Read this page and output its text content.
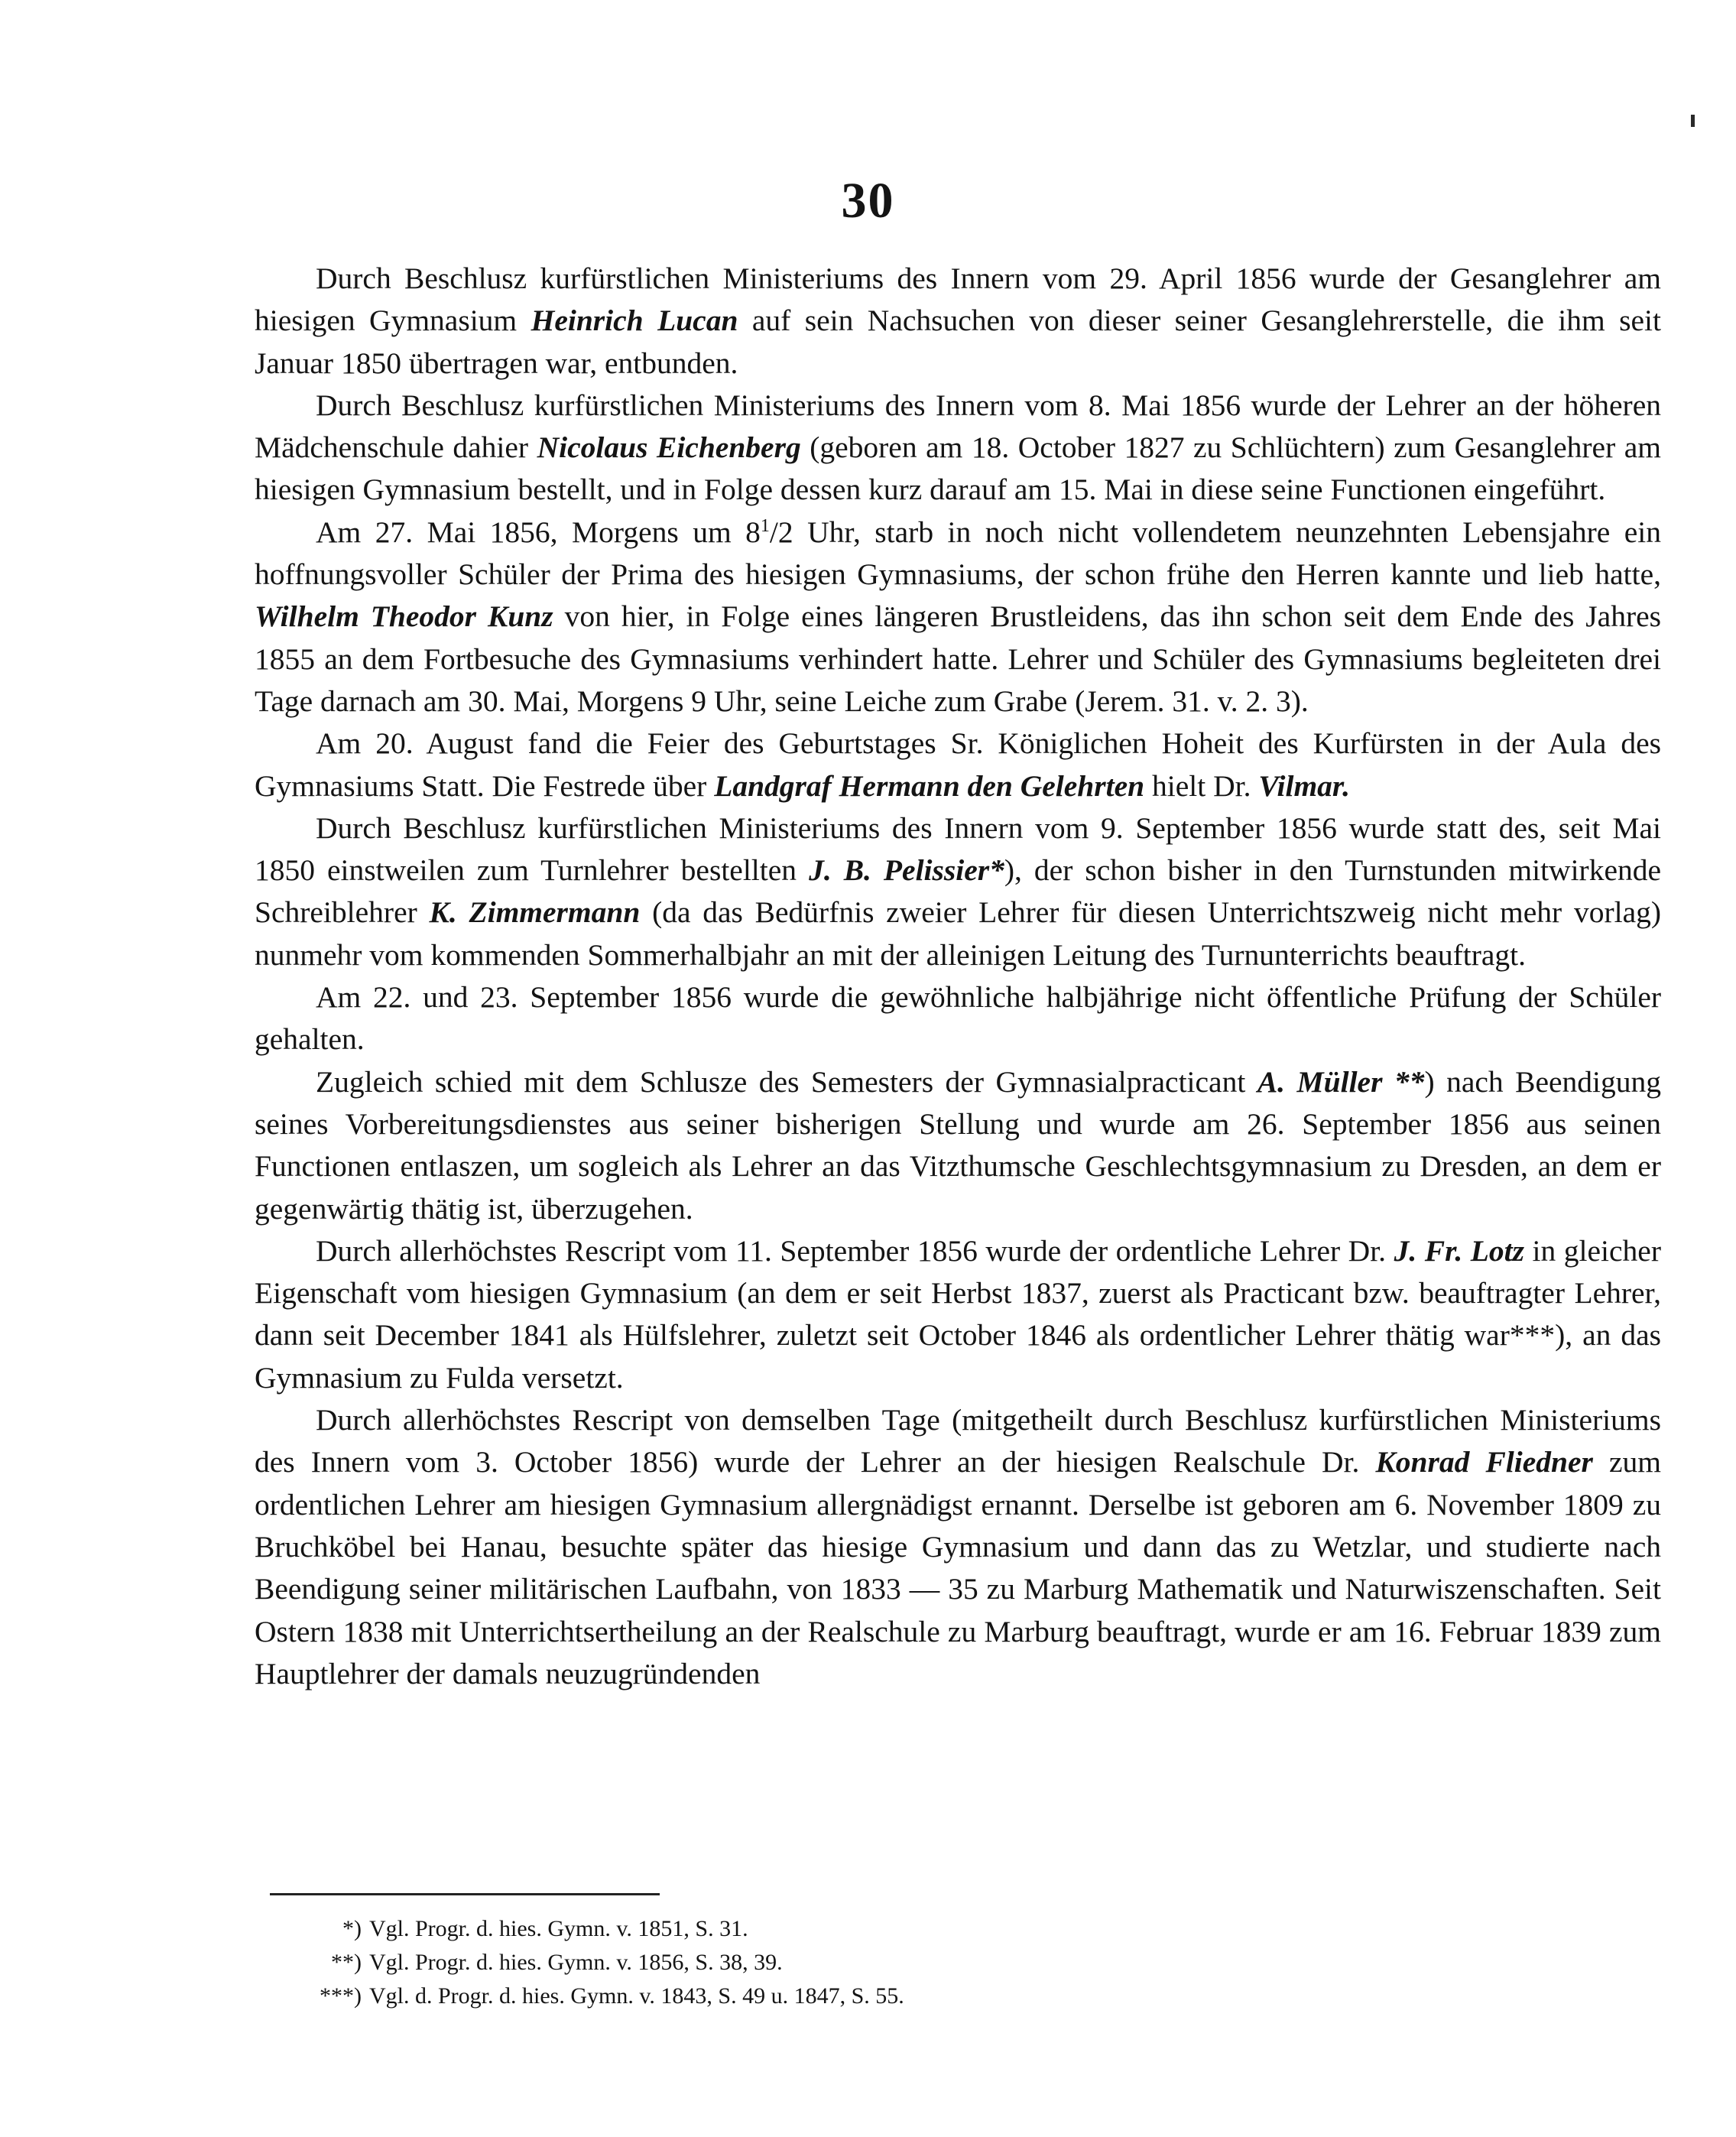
30

Durch Beschlusz kurfürstlichen Ministeriums des Innern vom 29. April 1856 wurde der Gesanglehrer am hiesigen Gymnasium Heinrich Lucan auf sein Nachsuchen von dieser seiner Gesanglehrerstelle, die ihm seit Januar 1850 übertragen war, entbunden.

Durch Beschlusz kurfürstlichen Ministeriums des Innern vom 8. Mai 1856 wurde der Lehrer an der höheren Mädchenschule dahier Nicolaus Eichenberg (geboren am 18. October 1827 zu Schlüchtern) zum Gesanglehrer am hiesigen Gymnasium bestellt, und in Folge dessen kurz darauf am 15. Mai in diese seine Functionen eingeführt.

Am 27. Mai 1856, Morgens um $8^1/2$ Uhr, starb in noch nicht vollendetem neunzehnten Lebensjahre ein hoffnungsvoller Schüler der Prima des hiesigen Gymnasiums, der schon frühe den Herren kannte und lieb hatte, Wilhelm Theodor Kunz von hier, in Folge eines längeren Brustleidens, das ihn schon seit dem Ende des Jahres 1855 an dem Fortbesuche des Gymnasiums verhindert hatte. Lehrer und Schüler des Gymnasiums begleiteten drei Tage darnach am 30. Mai, Morgens 9 Uhr, seine Leiche zum Grabe (Jerem. 31. v. 2. 3).

Am 20. August fand die Feier des Geburtstages Sr. Königlichen Hoheit des Kurfürsten in der Aula des Gymnasiums Statt. Die Festrede über Landgraf Hermann den Gelehrten hielt Dr. Vilmar.

Durch Beschlusz kurfürstlichen Ministeriums des Innern vom 9. September 1856 wurde statt des, seit Mai 1850 einstweilen zum Turnlehrer bestellten J. B. Pelissier*), der schon bisher in den Turnstunden mitwirkende Schreiblehrer K. Zimmermann (da das Bedürfnis zweier Lehrer für diesen Unterrichtszweig nicht mehr vorlag) nunmehr vom kommenden Sommerhalbjahr an mit der alleinigen Leitung des Turnunterrichts beauftragt.

Am 22. und 23. September 1856 wurde die gewöhnliche halbjährige nicht öffentliche Prüfung der Schüler gehalten.

Zugleich schied mit dem Schlusze des Semesters der Gymnasialpracticant A. Müller **) nach Beendigung seines Vorbereitungsdienstes aus seiner bisherigen Stellung und wurde am 26. September 1856 aus seinen Functionen entlaszen, um sogleich als Lehrer an das Vitzthumsche Geschlechtsgymnasium zu Dresden, an dem er gegenwärtig thätig ist, überzugehen.

Durch allerhöchstes Rescript vom 11. September 1856 wurde der ordentliche Lehrer Dr. J. Fr. Lotz in gleicher Eigenschaft vom hiesigen Gymnasium (an dem er seit Herbst 1837, zuerst als Practicant bzw. beauftragter Lehrer, dann seit December 1841 als Hülfslehrer, zuletzt seit October 1846 als ordentlicher Lehrer thätig war***), an das Gymnasium zu Fulda versetzt.

Durch allerhöchstes Rescript von demselben Tage (mitgetheilt durch Beschlusz kurfürstlichen Ministeriums des Innern vom 3. October 1856) wurde der Lehrer an der hiesigen Realschule Dr. Konrad Fliedner zum ordentlichen Lehrer am hiesigen Gymnasium allergnädigst ernannt. Derselbe ist geboren am 6. November 1809 zu Bruchköbel bei Hanau, besuchte später das hiesige Gymnasium und dann das zu Wetzlar, und studierte nach Beendigung seiner militärischen Laufbahn, von 1833 — 35 zu Marburg Mathematik und Naturwiszenschaften. Seit Ostern 1838 mit Unterrichtsertheilung an der Realschule zu Marburg beauftragt, wurde er am 16. Februar 1839 zum Hauptlehrer der damals neuzugründenden

*) Vgl. Progr. d. hies. Gymn. v. 1851, S. 31.
**) Vgl. Progr. d. hies. Gymn. v. 1856, S. 38, 39.
***) Vgl. d. Progr. d. hies. Gymn. v. 1843, S. 49 u. 1847, S. 55.
